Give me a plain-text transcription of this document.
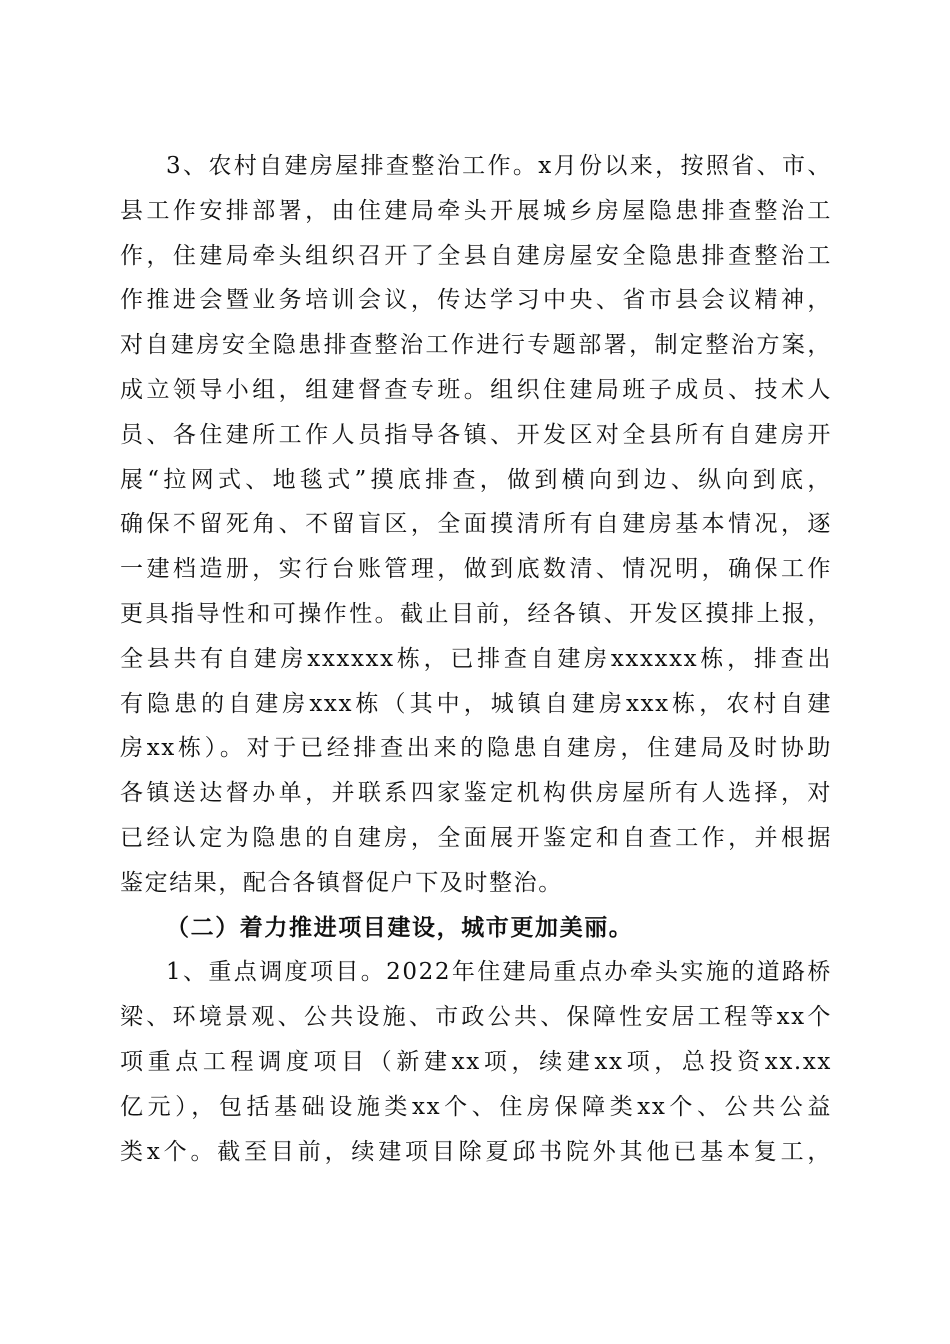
3、农村自建房屋排查整治工作。x月份以来，按照省、市、
县工作安排部署，由住建局牵头开展城乡房屋隐患排查整治工
作，住建局牵头组织召开了全县自建房屋安全隐患排查整治工
作推进会暨业务培训会议，传达学习中央、省市县会议精神，
对自建房安全隐患排查整治工作进行专题部署，制定整治方案，
成立领导小组，组建督查专班。组织住建局班子成员、技术人
员、各住建所工作人员指导各镇、开发区对全县所有自建房开
展“拉网式、地毯式”摸底排查，做到横向到边、纵向到底，
确保不留死角、不留盲区，全面摸清所有自建房基本情况，逐
一建档造册，实行台账管理，做到底数清、情况明，确保工作
更具指导性和可操作性。截止目前，经各镇、开发区摸排上报，
全县共有自建房xxxxxx栋，已排查自建房xxxxxx栋，排查出
有隐患的自建房xxx栋（其中，城镇自建房xxx栋，农村自建
房xx栋）。对于已经排查出来的隐患自建房，住建局及时协助
各镇送达督办单，并联系四家鉴定机构供房屋所有人选择，对
已经认定为隐患的自建房，全面展开鉴定和自查工作，并根据
鉴定结果，配合各镇督促户下及时整治。
（二）着力推进项目建设，城市更加美丽。
1、重点调度项目。2022年住建局重点办牵头实施的道路桥
梁、环境景观、公共设施、市政公共、保障性安居工程等xx个
项重点工程调度项目（新建xx项，续建xx项，总投资xx.xx
亿元），包括基础设施类xx个、住房保障类xx个、公共公益
类x个。截至目前，续建项目除夏邱书院外其他已基本复工，
